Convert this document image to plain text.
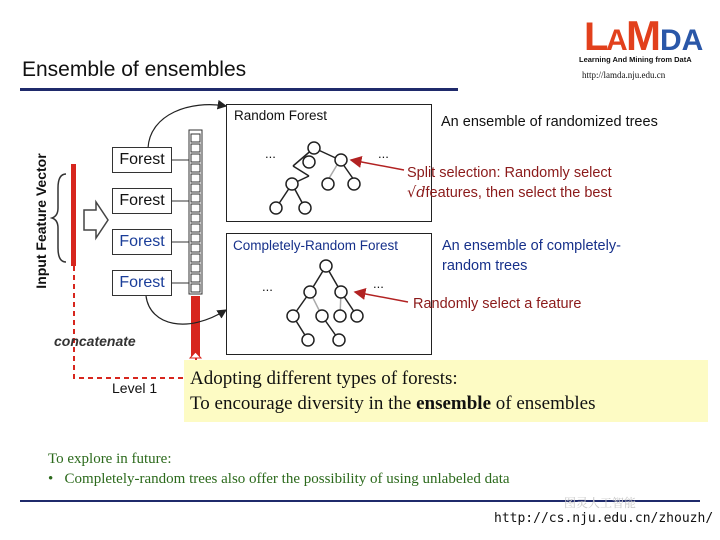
Ensemble of ensembles
L
A
M DA
Learning And Mining from DatA
http://lamda.nju.edu.cn
Input Feature Vector	Forest
Forest
Forest
Forest
concatenate
Level 1
Random Forest
...	...
An ensemble of randomized trees
Split selection: Randomly select
√dfeatures, then select the best
Completely-Random Forest
...	...
An ensemble of completely-
random trees
Randomly select a feature
Adopting different types of forests:
To encourage diversity in the ensemble of ensembles
To explore in future:
•   Completely-random trees also offer the possibility of using unlabeled data
图灵人工智能
http://cs.nju.edu.cn/zhouzh/
